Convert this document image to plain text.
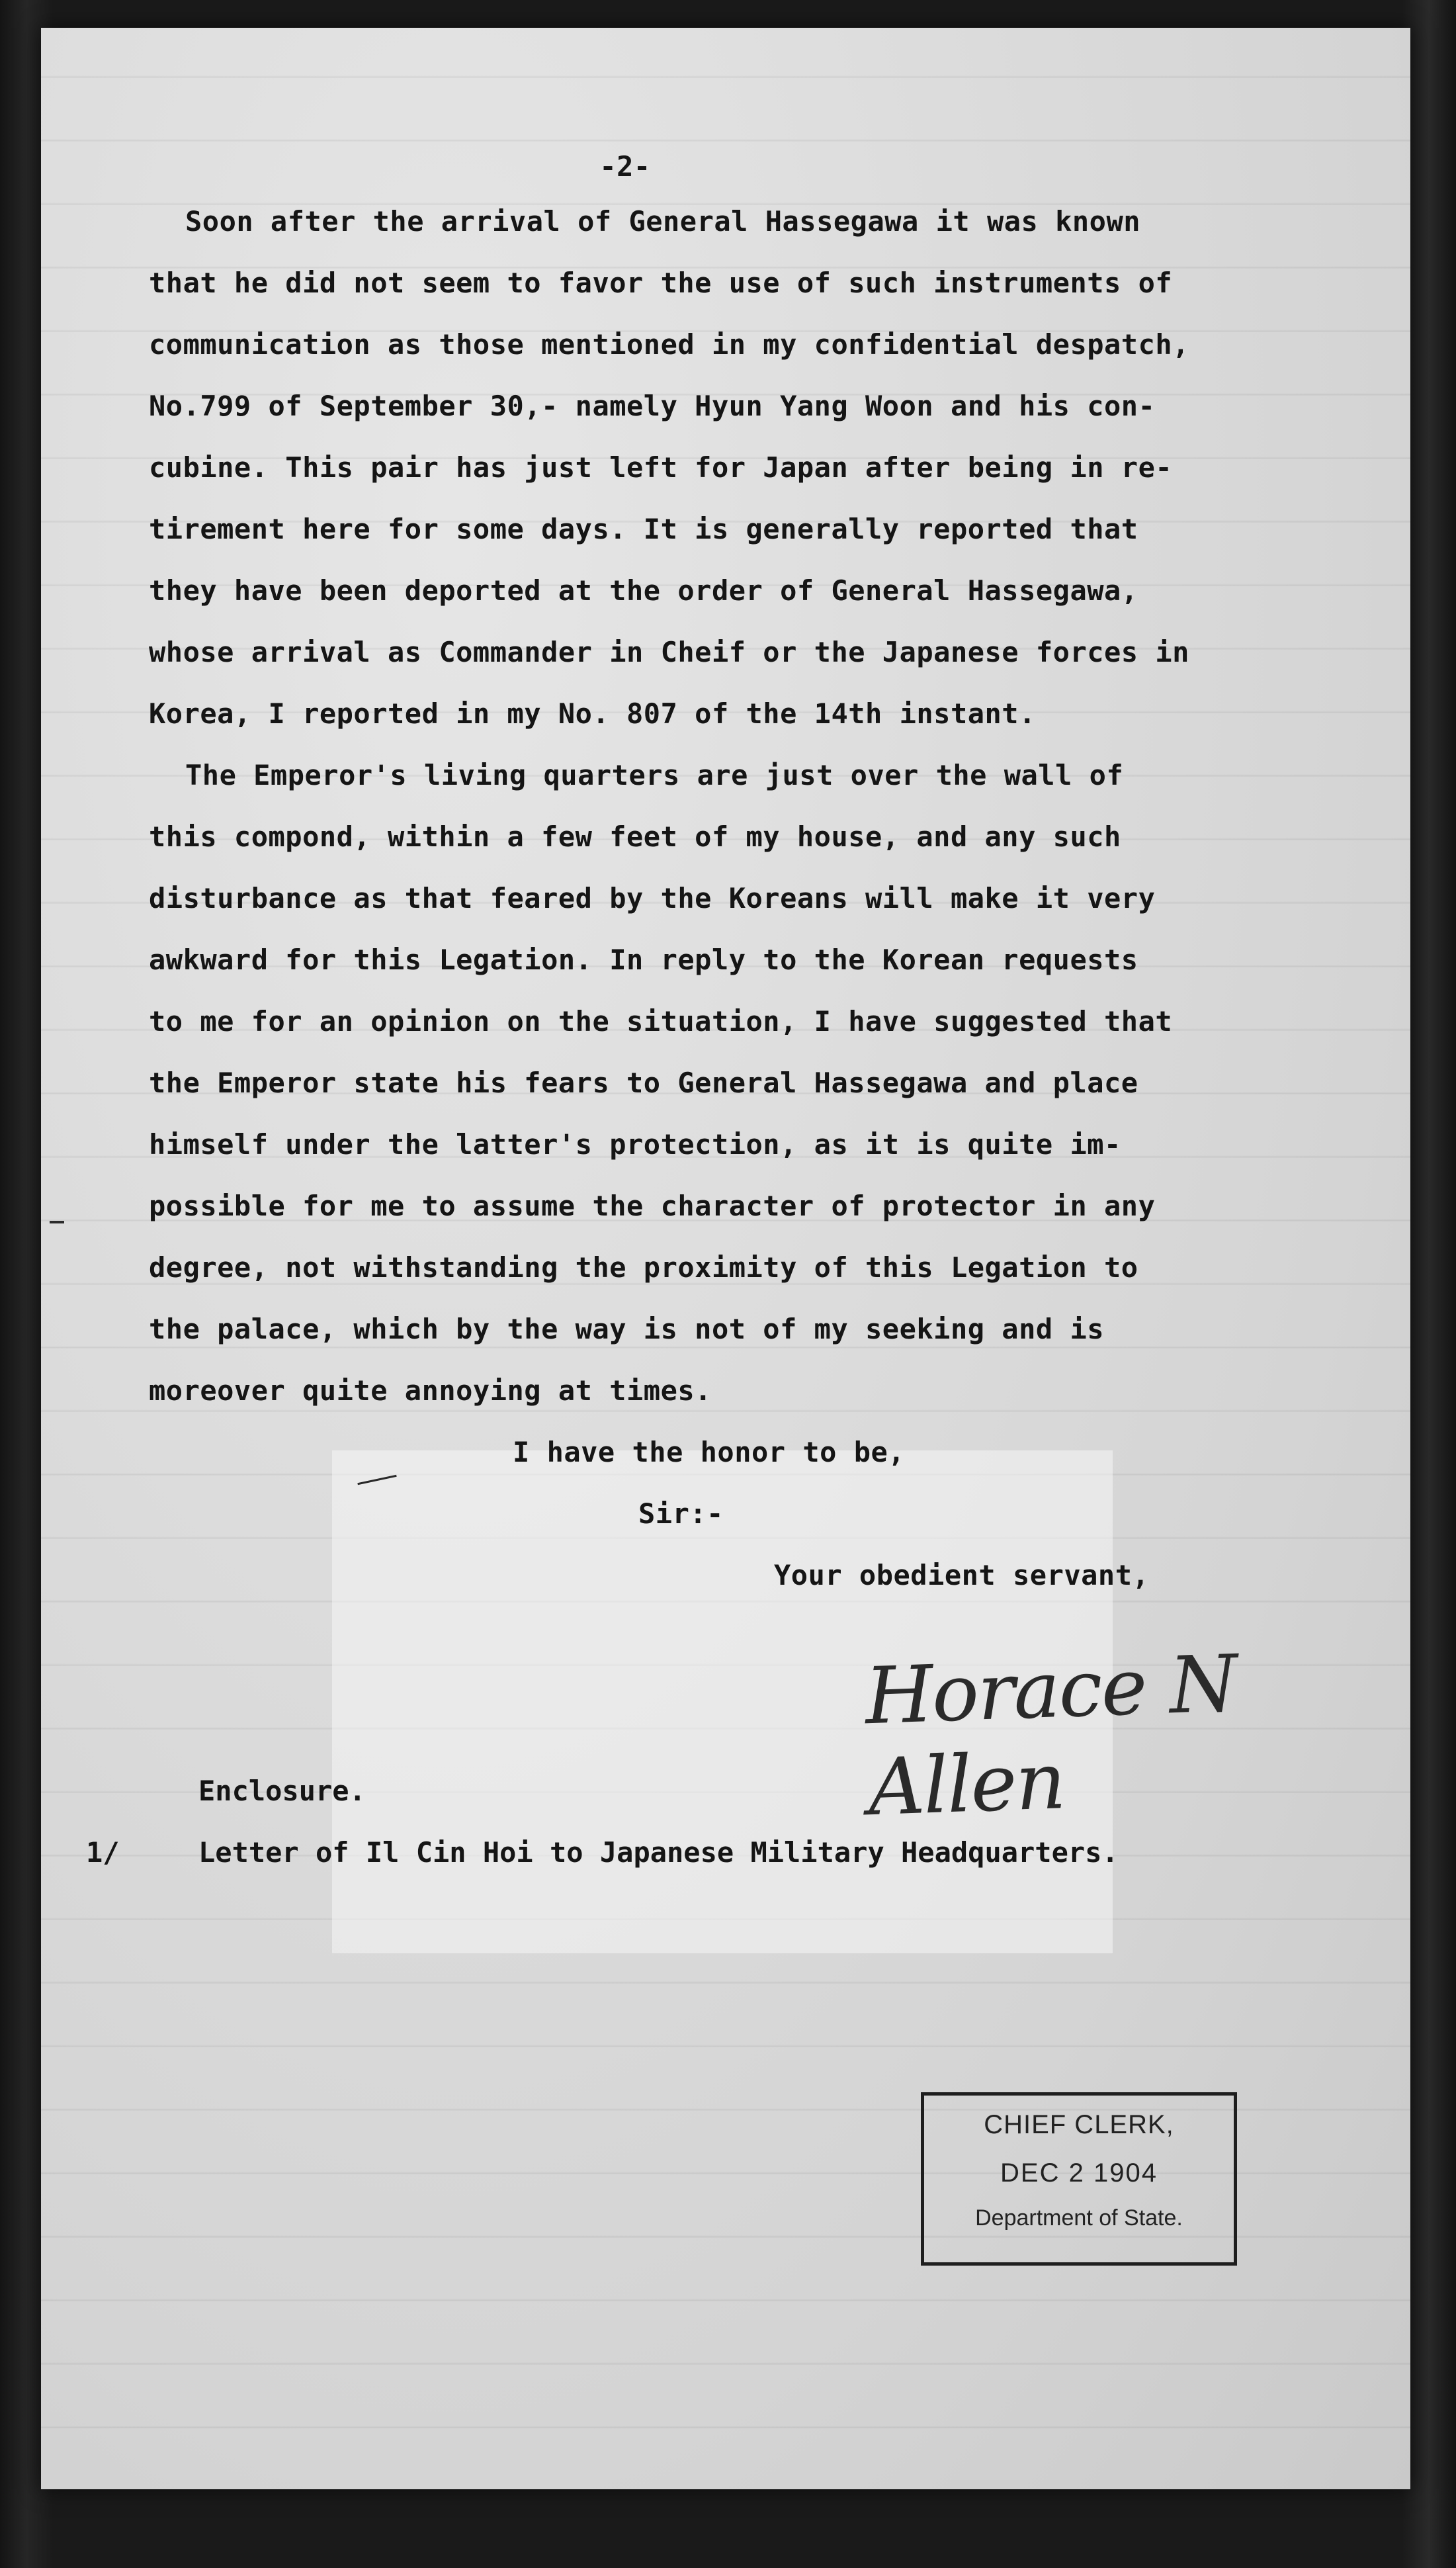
-2-
Soon after the arrival of General Hassegawa it was known
that he did not seem to favor the use of such instruments of
communication as those mentioned in my confidential despatch,
No.799 of September 30,- namely Hyun Yang Woon and his con-
cubine. This pair has just left for Japan after being in re-
tirement here for some days. It is generally reported that
they have been deported at the order of General Hassegawa,
whose arrival as Commander in Cheif or the Japanese forces in
Korea, I reported in my No. 807 of the 14th instant.
The Emperor's living quarters are just over the wall of
this compond, within a few feet of my house, and any such
disturbance as that feared by the Koreans will make it very
awkward for this Legation. In reply to the Korean requests
to me for an opinion on the situation, I have suggested that
the Emperor state his fears to General Hassegawa and place
himself under the latter's protection, as it is quite im-
possible for me to assume the character of protector in any
degree, not withstanding the proximity of this Legation to
the palace, which by the way is not of my seeking and is
moreover quite annoying at times.
I have the honor to be,
Sir:-
Your obedient servant,
Horace N Allen
Enclosure.
1/	Letter of Il Cin Hoi to Japanese Military Headquarters.
CHIEF CLERK,
DEC 2 1904
Department of State.
